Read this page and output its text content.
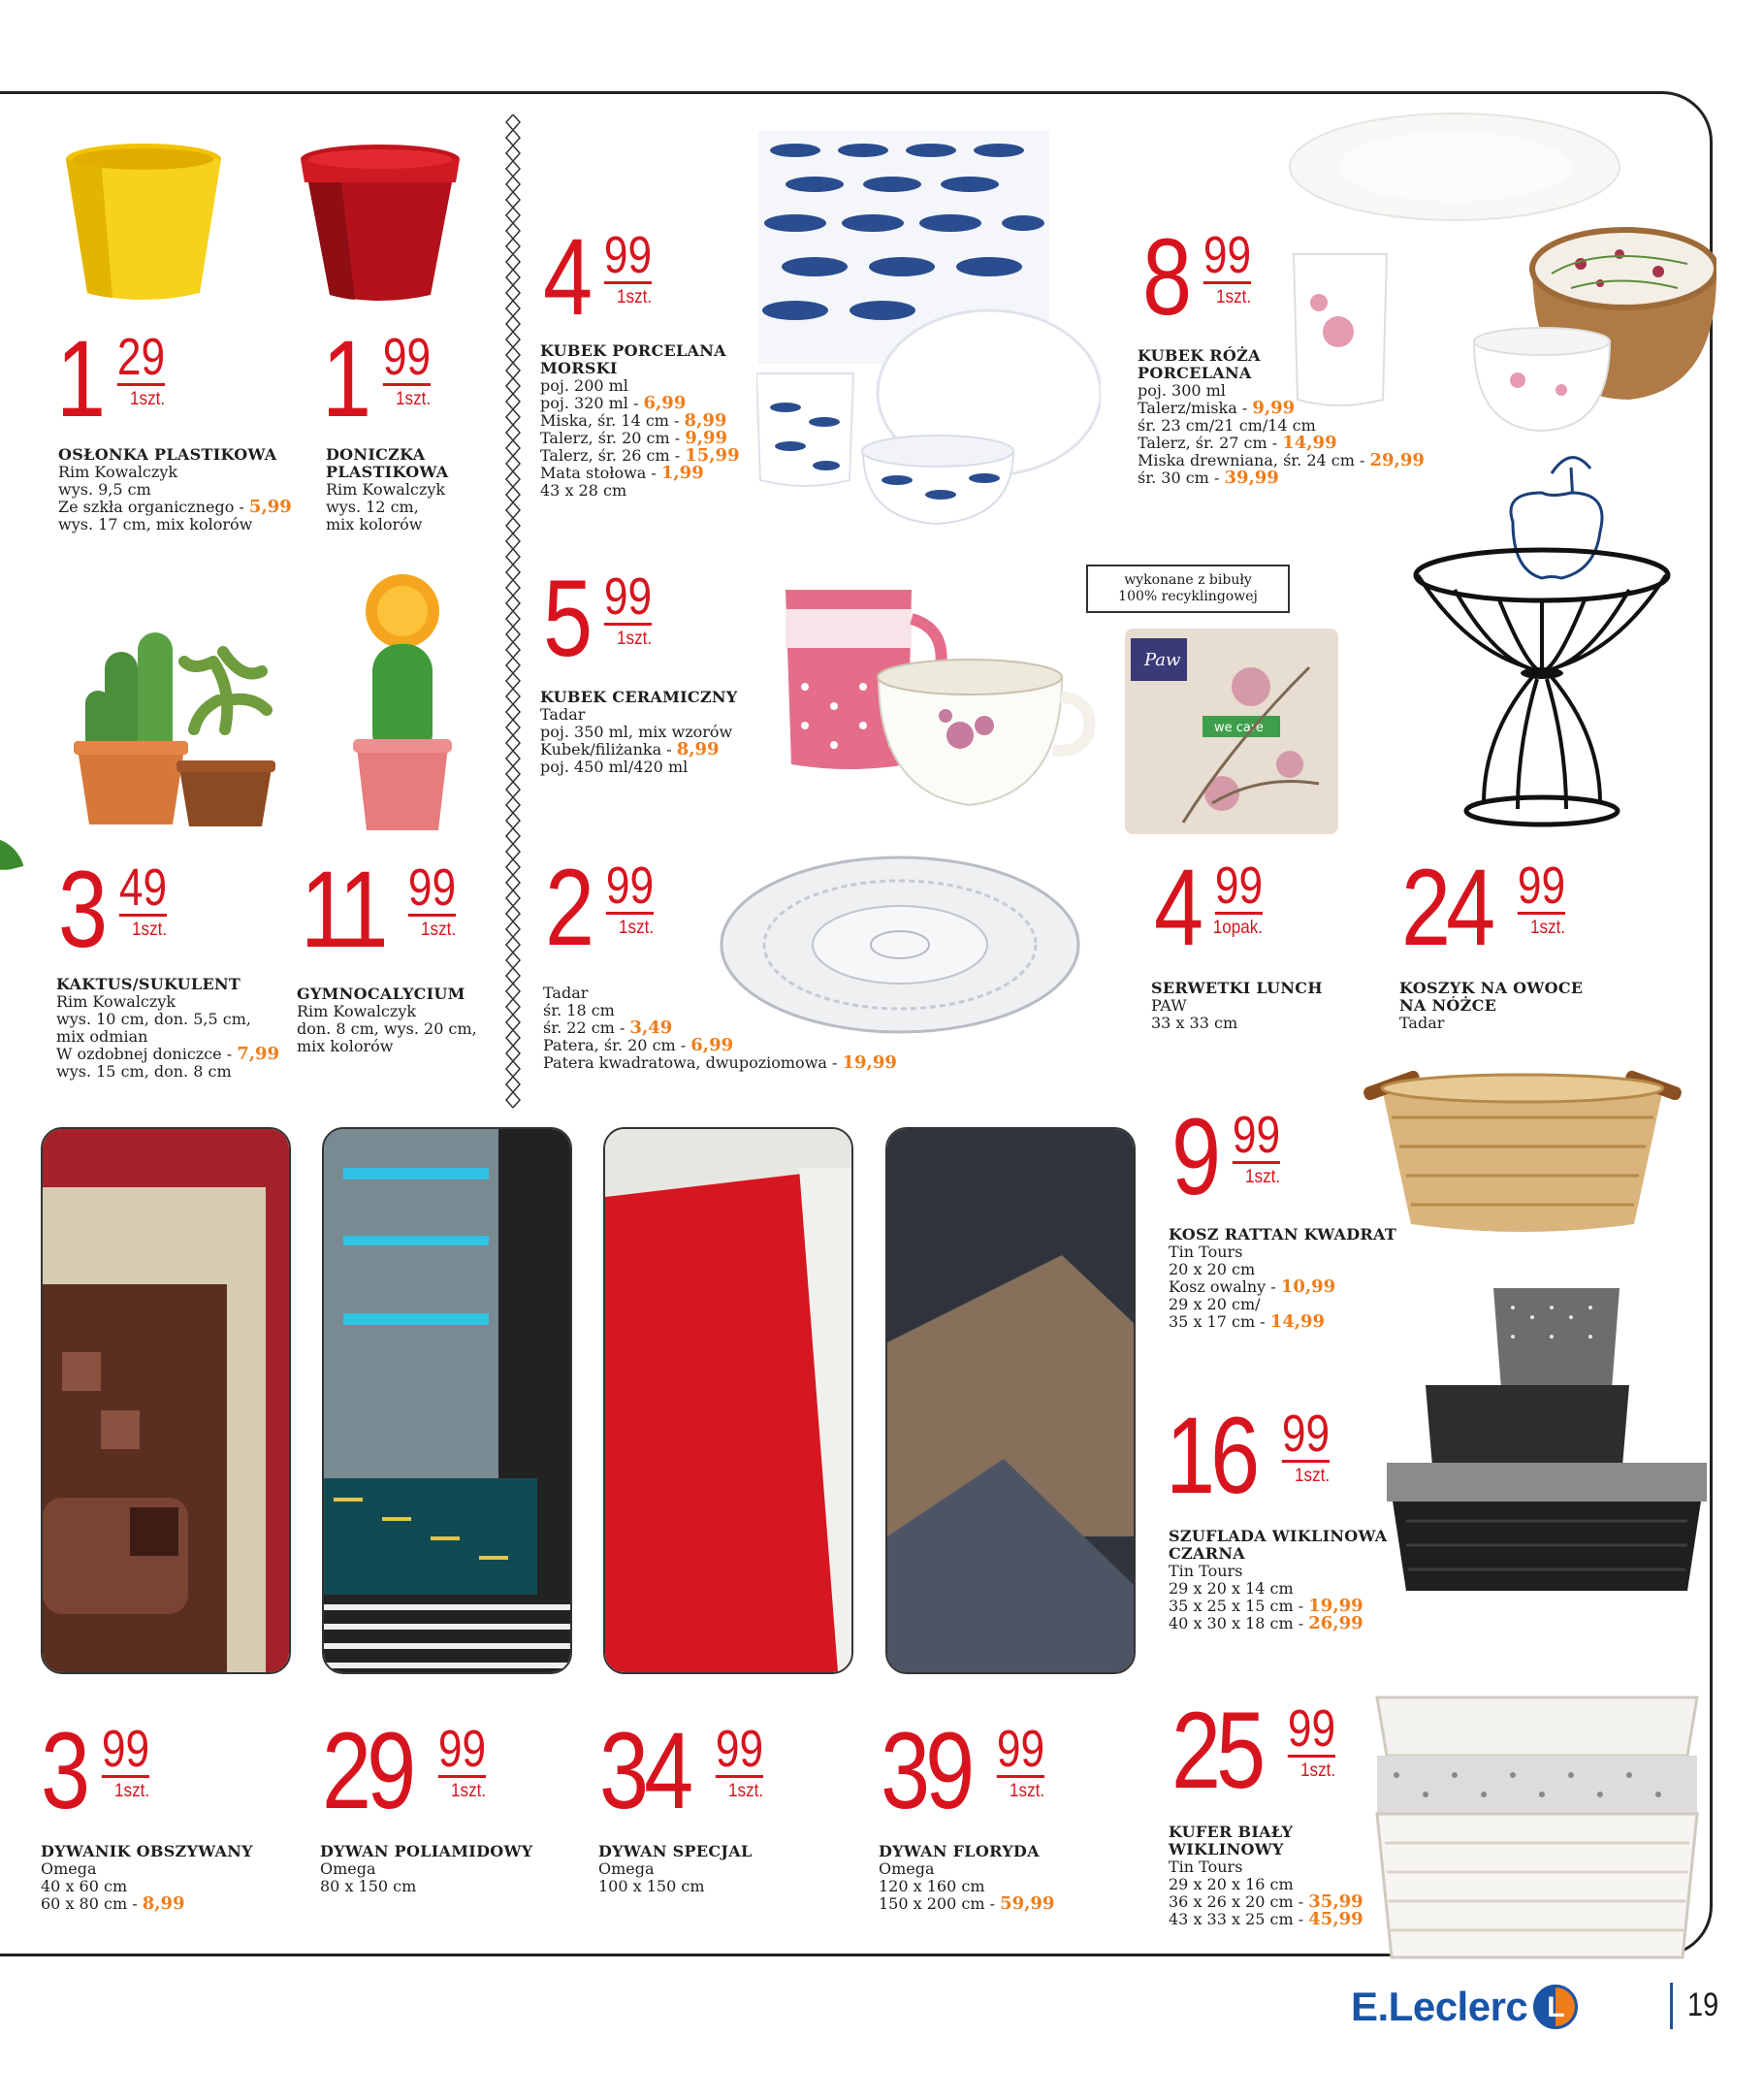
Paw
we care
wykonane z bibuły
100% recyklingowej
1 29
1szt. 1 99
1szt.
4 99
1szt.	8 99
1szt.
5 99
1szt.
3 49
1szt. 11 99
1szt. 2 99
1szt.	4 99
1opak. 24 99
1szt.
9 99
1szt.
16 99
1szt.
25 99
1szt.
3 99
1szt. 29 99
1szt. 34 99
1szt. 39 99
1szt.
OSŁONKA PLASTIKOWA
Rim Kowalczyk
wys. 9,5 cm
Ze szkła organicznego - 5,99
wys. 17 cm, mix kolorów
DONICZKA
PLASTIKOWA
Rim Kowalczyk
wys. 12 cm,
mix kolorów
KUBEK PORCELANA
MORSKI
poj. 200 ml
poj. 320 ml - 6,99
Miska, śr. 14 cm - 8,99
Talerz, śr. 20 cm - 9,99
Talerz, śr. 26 cm - 15,99
Mata stołowa - 1,99
43 x 28 cm
KUBEK RÓŻA
PORCELANA
poj. 300 ml
Talerz/miska - 9,99
śr. 23 cm/21 cm/14 cm
Talerz, śr. 27 cm - 14,99
Miska drewniana, śr. 24 cm - 29,99
śr. 30 cm - 39,99
KUBEK CERAMICZNY
Tadar
poj. 350 ml, mix wzorów
Kubek/filiżanka - 8,99
poj. 450 ml/420 ml
KAKTUS/SUKULENT
Rim Kowalczyk
wys. 10 cm, don. 5,5 cm,
mix odmian
W ozdobnej doniczce - 7,99
wys. 15 cm, don. 8 cm
GYMNOCALYCIUM
Rim Kowalczyk
don. 8 cm, wys. 20 cm,
mix kolorów
Tadar
śr. 18 cm
śr. 22 cm - 3,49
Patera, śr. 20 cm - 6,99
Patera kwadratowa, dwupoziomowa - 19,99
SERWETKI LUNCH
PAW
33 x 33 cm
KOSZYK NA OWOCE
NA NÓŻCE
Tadar
KOSZ RATTAN KWADRAT
Tin Tours
20 x 20 cm
Kosz owalny - 10,99
29 x 20 cm/
35 x 17 cm - 14,99
SZUFLADA WIKLINOWA
CZARNA
Tin Tours
29 x 20 x 14 cm
35 x 25 x 15 cm - 19,99
40 x 30 x 18 cm - 26,99
KUFER BIAŁY
WIKLINOWY
Tin Tours
29 x 20 x 16 cm
36 x 26 x 20 cm - 35,99
43 x 33 x 25 cm - 45,99
DYWANIK OBSZYWANY
Omega
40 x 60 cm
60 x 80 cm - 8,99
DYWAN POLIAMIDOWY
Omega
80 x 150 cm
DYWAN SPECJAL
Omega
100 x 150 cm
DYWAN FLORYDA
Omega
120 x 160 cm
150 x 200 cm - 59,99
E.Leclerc L	19
